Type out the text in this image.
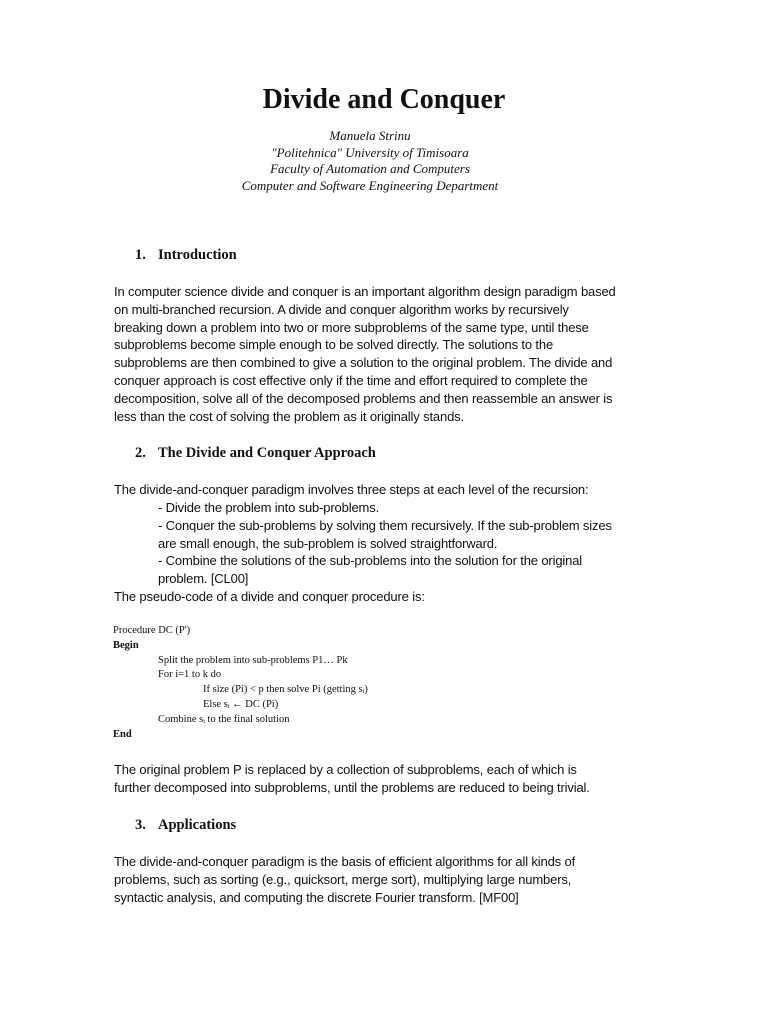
Divide and Conquer
Manuela Strinu
"Politehnica" University of Timisoara
Faculty of Automation and Computers
Computer and Software Engineering Department
1. Introduction
In computer science divide and conquer is an important algorithm design paradigm based
on multi-branched recursion. A divide and conquer algorithm works by recursively
breaking down a problem into two or more subproblems of the same type, until these
subproblems become simple enough to be solved directly. The solutions to the
subproblems are then combined to give a solution to the original problem. The divide and
conquer approach is cost effective only if the time and effort required to complete the
decomposition, solve all of the decomposed problems and then reassemble an answer is
less than the cost of solving the problem as it originally stands.
2. The Divide and Conquer Approach
The divide-and-conquer paradigm involves three steps at each level of the recursion:
- Divide the problem into sub-problems.
- Conquer the sub-problems by solving them recursively. If the sub-problem sizes
are small enough, the sub-problem is solved straightforward.
- Combine the solutions of the sub-problems into the solution for the original
problem. [CL00]
The pseudo-code of a divide and conquer procedure is:
Procedure DC (P')
Begin
Split the problem into sub-problems P1… Pk
For i=1 to k do
If size (Pi) < p then solve Pi (getting sᵢ)
Else sᵢ ← DC (Pi)
Combine sᵢ to the final solution
End
The original problem P is replaced by a collection of subproblems, each of which is
further decomposed into subproblems, until the problems are reduced to being trivial.
3. Applications
The divide-and-conquer paradigm is the basis of efficient algorithms for all kinds of
problems, such as sorting (e.g., quicksort, merge sort), multiplying large numbers,
syntactic analysis, and computing the discrete Fourier transform. [MF00]
